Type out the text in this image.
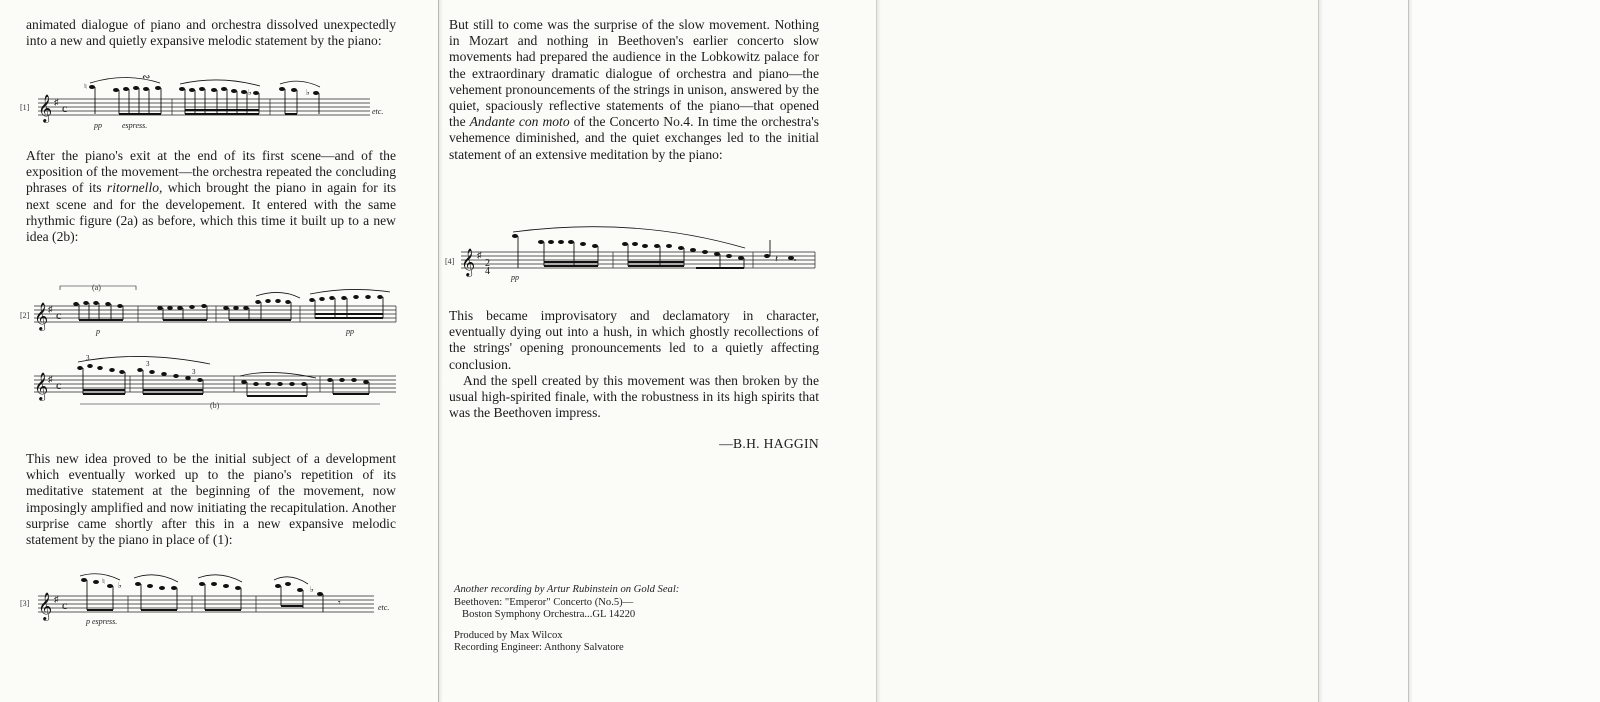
animated dialogue of piano and orchestra dissolved unexpectedly into a new and quietly expansive melodic statement by the piano:

[1] 𝄞 ♯ c
∾
♮
♭
♭
pp	espress.
etc.

After the piano's exit at the end of its first scene—and of the exposition of the movement—the orchestra repeated the concluding phrases of its ritornello, which brought the piano in again for its next scene and for the developement. It entered with the same rhythmic figure (2a) as before, which this time it built up to a new idea (2b):

[2] 𝄞 ♯ c
𝄞 ♯ c
(a)
3
3
3
(b)
p	pp

This new idea proved to be the initial subject of a development which eventually worked up to the piano's repetition of its meditative statement at the beginning of the movement, now imposingly amplified and now initiating the recapitulation. Another surprise came shortly after this in a new expansive melodic statement by the piano in place of (1):

[3] 𝄞 ♯ c
♮ ♭	♭
𝄾
p espress.
etc.

But still to come was the surprise of the slow movement. Nothing in Mozart and nothing in Beethoven's earlier concerto slow movements had prepared the audience in the Lobkowitz palace for the extraordinary dramatic dialogue of orchestra and piano—the vehement pronouncements of the strings in unison, answered by the quiet, spaciously reflective statements of the piano—that opened the Andante con moto of the Concerto No.4. In time the orchestra's vehemence diminished, and the quiet exchanges led to the initial statement of an extensive meditation by the piano:

[4] 𝄞 ♯
2
4
𝄽
pp

This became improvisatory and declamatory in character, eventually dying out into a hush, in which ghostly recollections of the strings' opening pronouncements led to a quietly affecting conclusion.

And the spell created by this movement was then broken by the usual high-spirited finale, with the robustness in its high spirits that was the Beethoven impress.

—B.H. HAGGIN
Another recording by Artur Rubinstein on Gold Seal:
Beethoven: "Emperor" Concerto (No.5)—
Boston Symphony Orchestra...GL 14220
Produced by Max Wilcox
Recording Engineer: Anthony Salvatore
